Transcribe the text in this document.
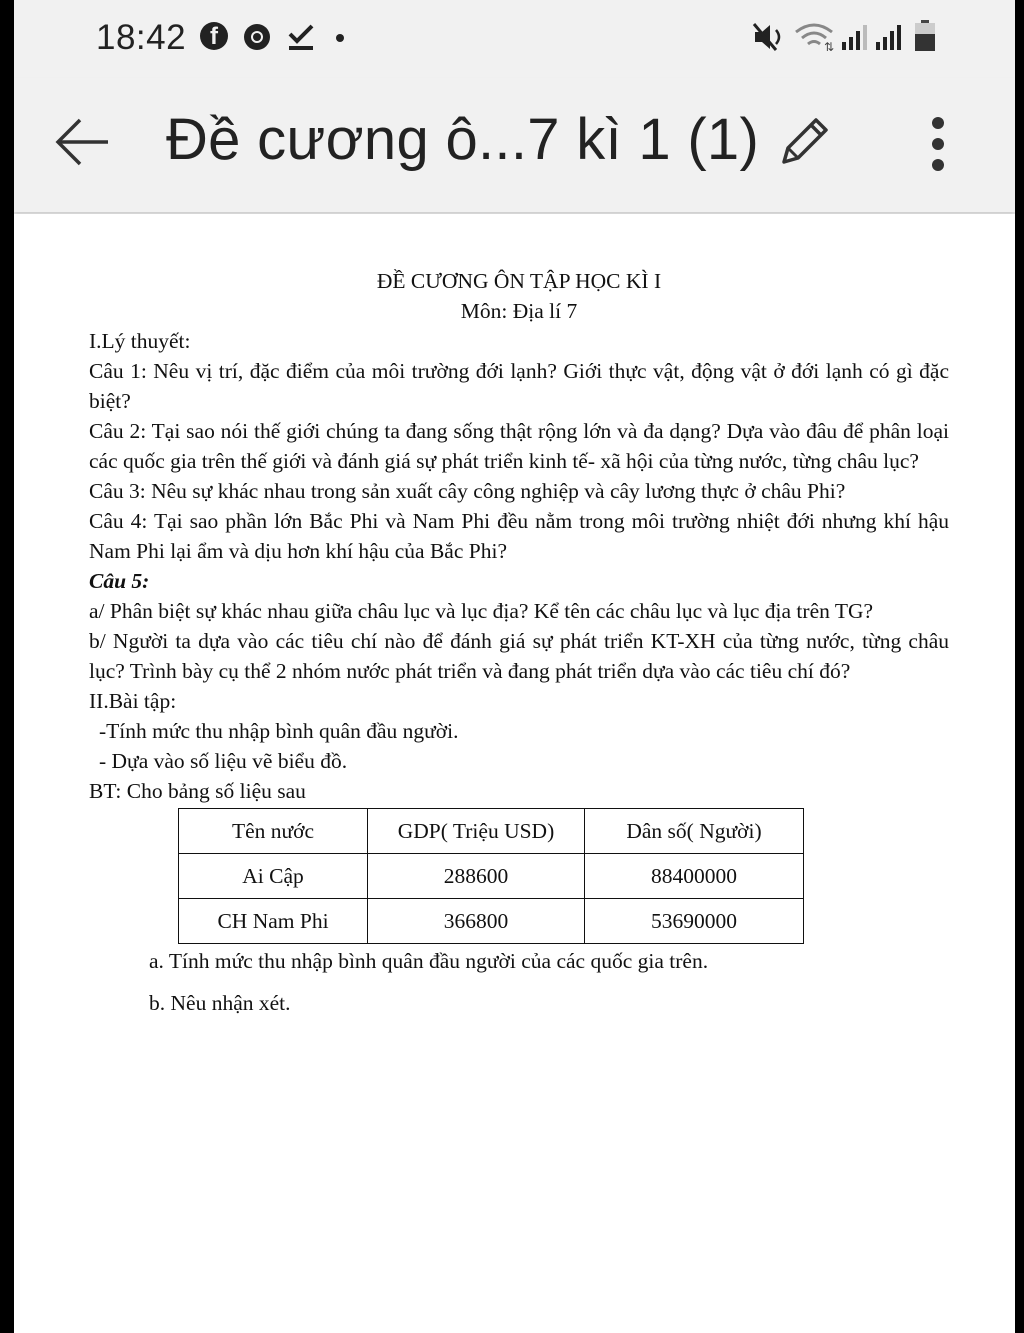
18:42 f	⇅
Đề cương ô...7 kì 1 (1)
ĐỀ CƯƠNG ÔN TẬP HỌC KÌ I
Môn: Địa lí 7

I.Lý thuyết:

Câu 1: Nêu vị trí, đặc điểm của môi trường đới lạnh? Giới thực vật, động vật ở đới lạnh có gì đặc biệt?

Câu 2: Tại sao nói thế giới chúng ta đang sống thật rộng lớn và đa dạng? Dựa vào đâu để phân loại các quốc gia trên thế giới và đánh giá sự phát triển kinh tế- xã hội của từng nước, từng châu lục?

Câu 3: Nêu sự khác nhau trong sản xuất cây công nghiệp và cây lương thực ở châu Phi?

Câu 4: Tại sao phần lớn Bắc Phi và Nam Phi đều nằm trong môi trường nhiệt đới nhưng khí hậu Nam Phi lại ẩm và dịu hơn khí hậu của Bắc Phi?

Câu 5:

a/ Phân biệt sự khác nhau giữa châu lục và lục địa? Kể tên các châu lục và lục địa trên TG?

b/ Người ta dựa vào các tiêu chí nào để đánh giá sự phát triển KT-XH của từng nước, từng châu lục? Trình bày cụ thể 2 nhóm nước phát triển và đang phát triển dựa vào các tiêu chí đó?

II.Bài tập:

-Tính mức thu nhập bình quân đầu người.

- Dựa vào số liệu vẽ biểu đồ.

BT: Cho bảng số liệu sau

Tên nước	GDP( Triệu USD)	Dân số( Người)
Ai Cập	288600	88400000
CH Nam Phi	366800	53690000

a. Tính mức thu nhập bình quân đầu người của các quốc gia trên.

b. Nêu nhận xét.
